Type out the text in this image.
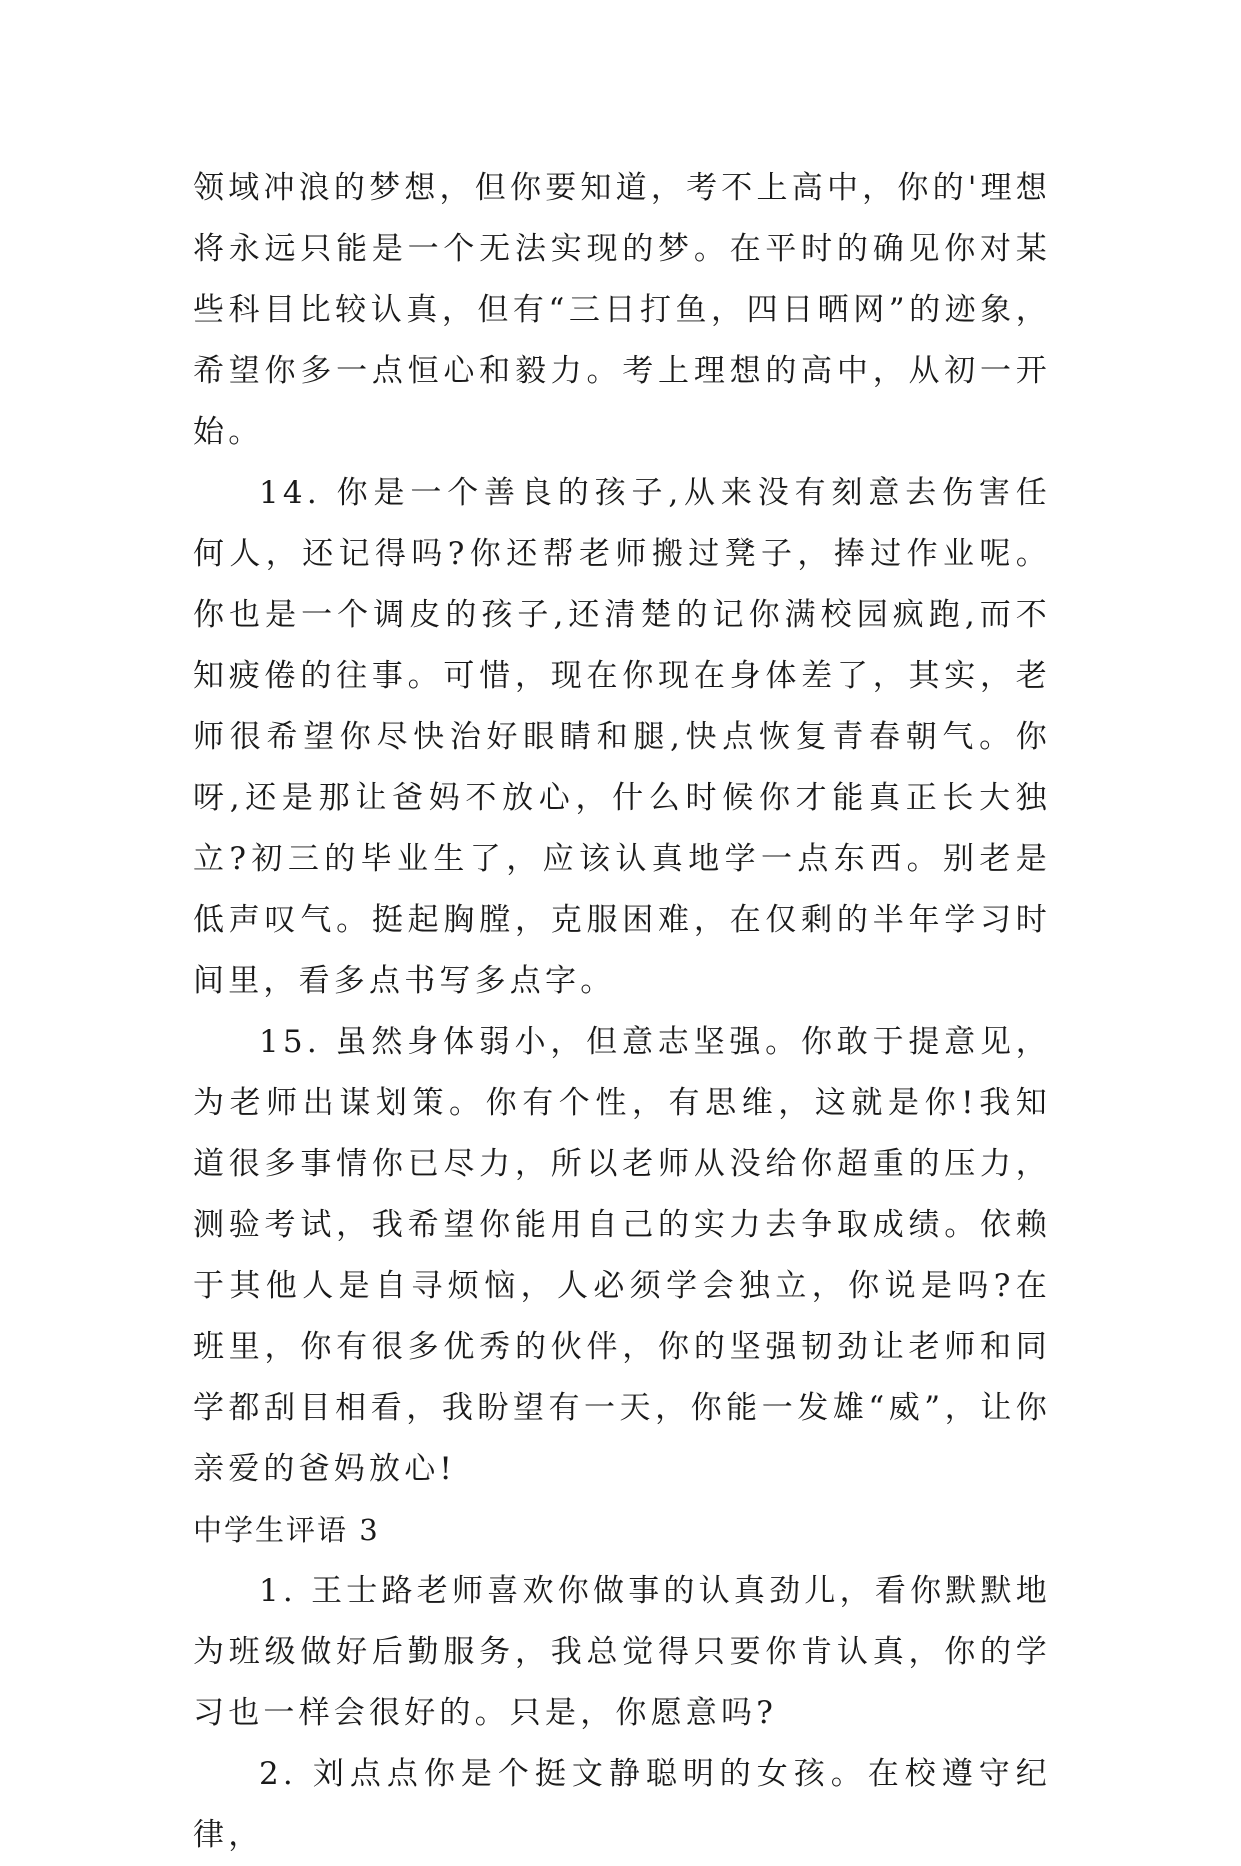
领域冲浪的梦想，但你要知道，考不上高中，你的'理想将永远只能是一个无法实现的梦。在平时的确见你对某些科目比较认真，但有“三日打鱼，四日晒网”的迹象，希望你多一点恒心和毅力。考上理想的高中，从初一开始。

14. 你是一个善良的孩子,从来没有刻意去伤害任何人，还记得吗?你还帮老师搬过凳子，捧过作业呢。你也是一个调皮的孩子,还清楚的记你满校园疯跑,而不知疲倦的往事。可惜，现在你现在身体差了，其实，老师很希望你尽快治好眼睛和腿,快点恢复青春朝气。你呀,还是那让爸妈不放心，什么时候你才能真正长大独立?初三的毕业生了，应该认真地学一点东西。别老是低声叹气。挺起胸膛，克服困难，在仅剩的半年学习时间里，看多点书写多点字。

15. 虽然身体弱小，但意志坚强。你敢于提意见，为老师出谋划策。你有个性，有思维，这就是你!我知道很多事情你已尽力，所以老师从没给你超重的压力，测验考试，我希望你能用自己的实力去争取成绩。依赖于其他人是自寻烦恼，人必须学会独立，你说是吗?在班里，你有很多优秀的伙伴，你的坚强韧劲让老师和同学都刮目相看，我盼望有一天，你能一发雄“威”，让你亲爱的爸妈放心!

中学生评语 3

1. 王士路老师喜欢你做事的认真劲儿，看你默默地为班级做好后勤服务，我总觉得只要你肯认真，你的学习也一样会很好的。只是，你愿意吗?

2. 刘点点你是个挺文静聪明的女孩。在校遵守纪律，
